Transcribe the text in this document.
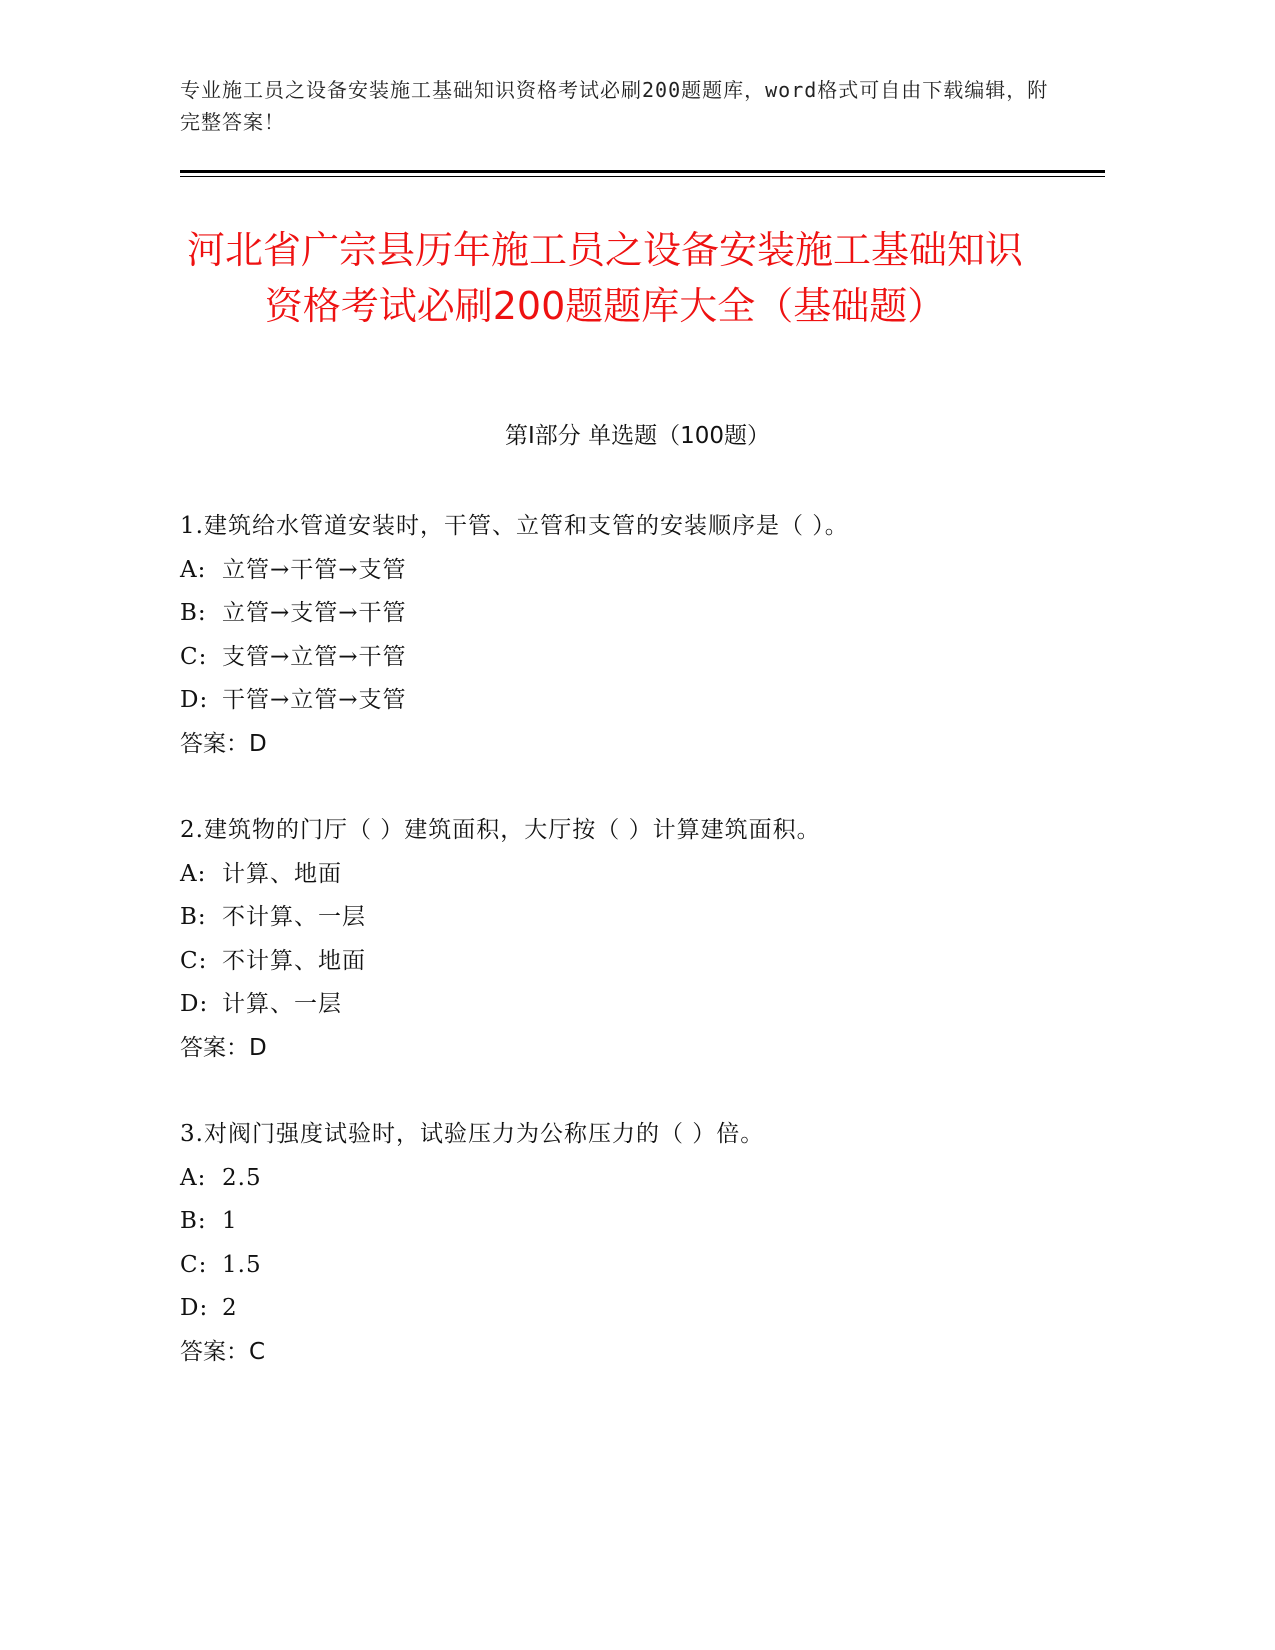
专业施工员之设备安装施工基础知识资格考试必刷200题题库，word格式可自由下载编辑，附完整答案！
河北省广宗县历年施工员之设备安装施工基础知识资格考试必刷200题题库大全（基础题）
第Ⅰ部分 单选题（100题）
1.建筑给水管道安装时，干管、立管和支管的安装顺序是（ ）。
A: 立管→干管→支管
B: 立管→支管→干管
C: 支管→立管→干管
D: 干管→立管→支管
答案：D
2.建筑物的门厅（ ）建筑面积，大厅按（ ）计算建筑面积。
A: 计算、地面
B: 不计算、一层
C: 不计算、地面
D: 计算、一层
答案：D
3.对阀门强度试验时，试验压力为公称压力的（ ）倍。
A: 2.5
B: 1
C: 1.5
D: 2
答案：C
